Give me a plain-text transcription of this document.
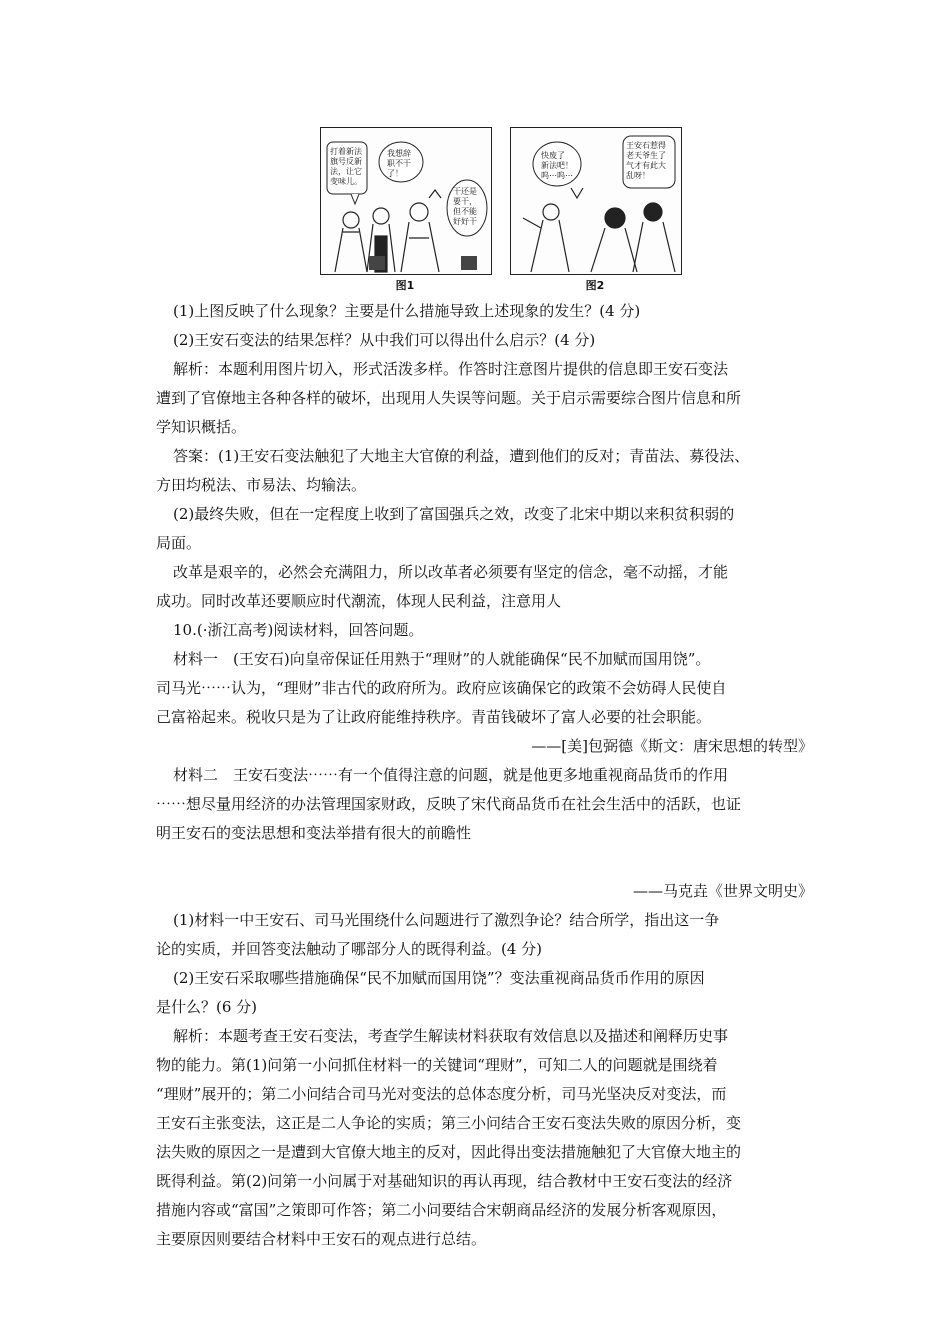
打着新法
旗号反新
法，让它
变味儿。
我想辞
职不干
了！
干还是
要干，
但不能
好好干
图1
快废了
新法吧！
呜⋯呜⋯
王安石惹得
老天爷生了
气才有此大
乱呀！
图2
(1)上图反映了什么现象？主要是什么措施导致上述现象的发生？(4 分)
(2)王安石变法的结果怎样？从中我们可以得出什么启示？(4 分)
解析：本题利用图片切入，形式活泼多样。作答时注意图片提供的信息即王安石变法
遭到了官僚地主各种各样的破坏，出现用人失误等问题。关于启示需要综合图片信息和所
学知识概括。
答案：(1)王安石变法触犯了大地主大官僚的利益，遭到他们的反对；青苗法、募役法、
方田均税法、市易法、均输法。
(2)最终失败，但在一定程度上收到了富国强兵之效，改变了北宋中期以来积贫积弱的
局面。
改革是艰辛的，必然会充满阻力，所以改革者必须要有坚定的信念，毫不动摇，才能
成功。同时改革还要顺应时代潮流，体现人民利益，注意用人
10.(·浙江高考)阅读材料，回答问题。
材料一　(王安石)向皇帝保证任用熟于“理财”的人就能确保“民不加赋而国用饶”。
司马光⋯⋯认为，“理财”非古代的政府所为。政府应该确保它的政策不会妨碍人民使自
己富裕起来。税收只是为了让政府能维持秩序。青苗钱破坏了富人必要的社会职能。
——[美]包弼德《斯文：唐宋思想的转型》
材料二　王安石变法⋯⋯有一个值得注意的问题，就是他更多地重视商品货币的作用
⋯⋯想尽量用经济的办法管理国家财政，反映了宋代商品货币在社会生活中的活跃，也证
明王安石的变法思想和变法举措有很大的前瞻性
——马克垚《世界文明史》
(1)材料一中王安石、司马光围绕什么问题进行了激烈争论？结合所学，指出这一争
论的实质，并回答变法触动了哪部分人的既得利益。(4 分)
(2)王安石采取哪些措施确保“民不加赋而国用饶”？变法重视商品货币作用的原因
是什么？(6 分)
解析：本题考查王安石变法，考查学生解读材料获取有效信息以及描述和阐释历史事
物的能力。第(1)问第一小问抓住材料一的关键词“理财”，可知二人的问题就是围绕着
“理财”展开的；第二小问结合司马光对变法的总体态度分析，司马光坚决反对变法，而
王安石主张变法，这正是二人争论的实质；第三小问结合王安石变法失败的原因分析，变
法失败的原因之一是遭到大官僚大地主的反对，因此得出变法措施触犯了大官僚大地主的
既得利益。第(2)问第一小问属于对基础知识的再认再现，结合教材中王安石变法的经济
措施内容或“富国”之策即可作答；第二小问要结合宋朝商品经济的发展分析客观原因，
主要原因则要结合材料中王安石的观点进行总结。
